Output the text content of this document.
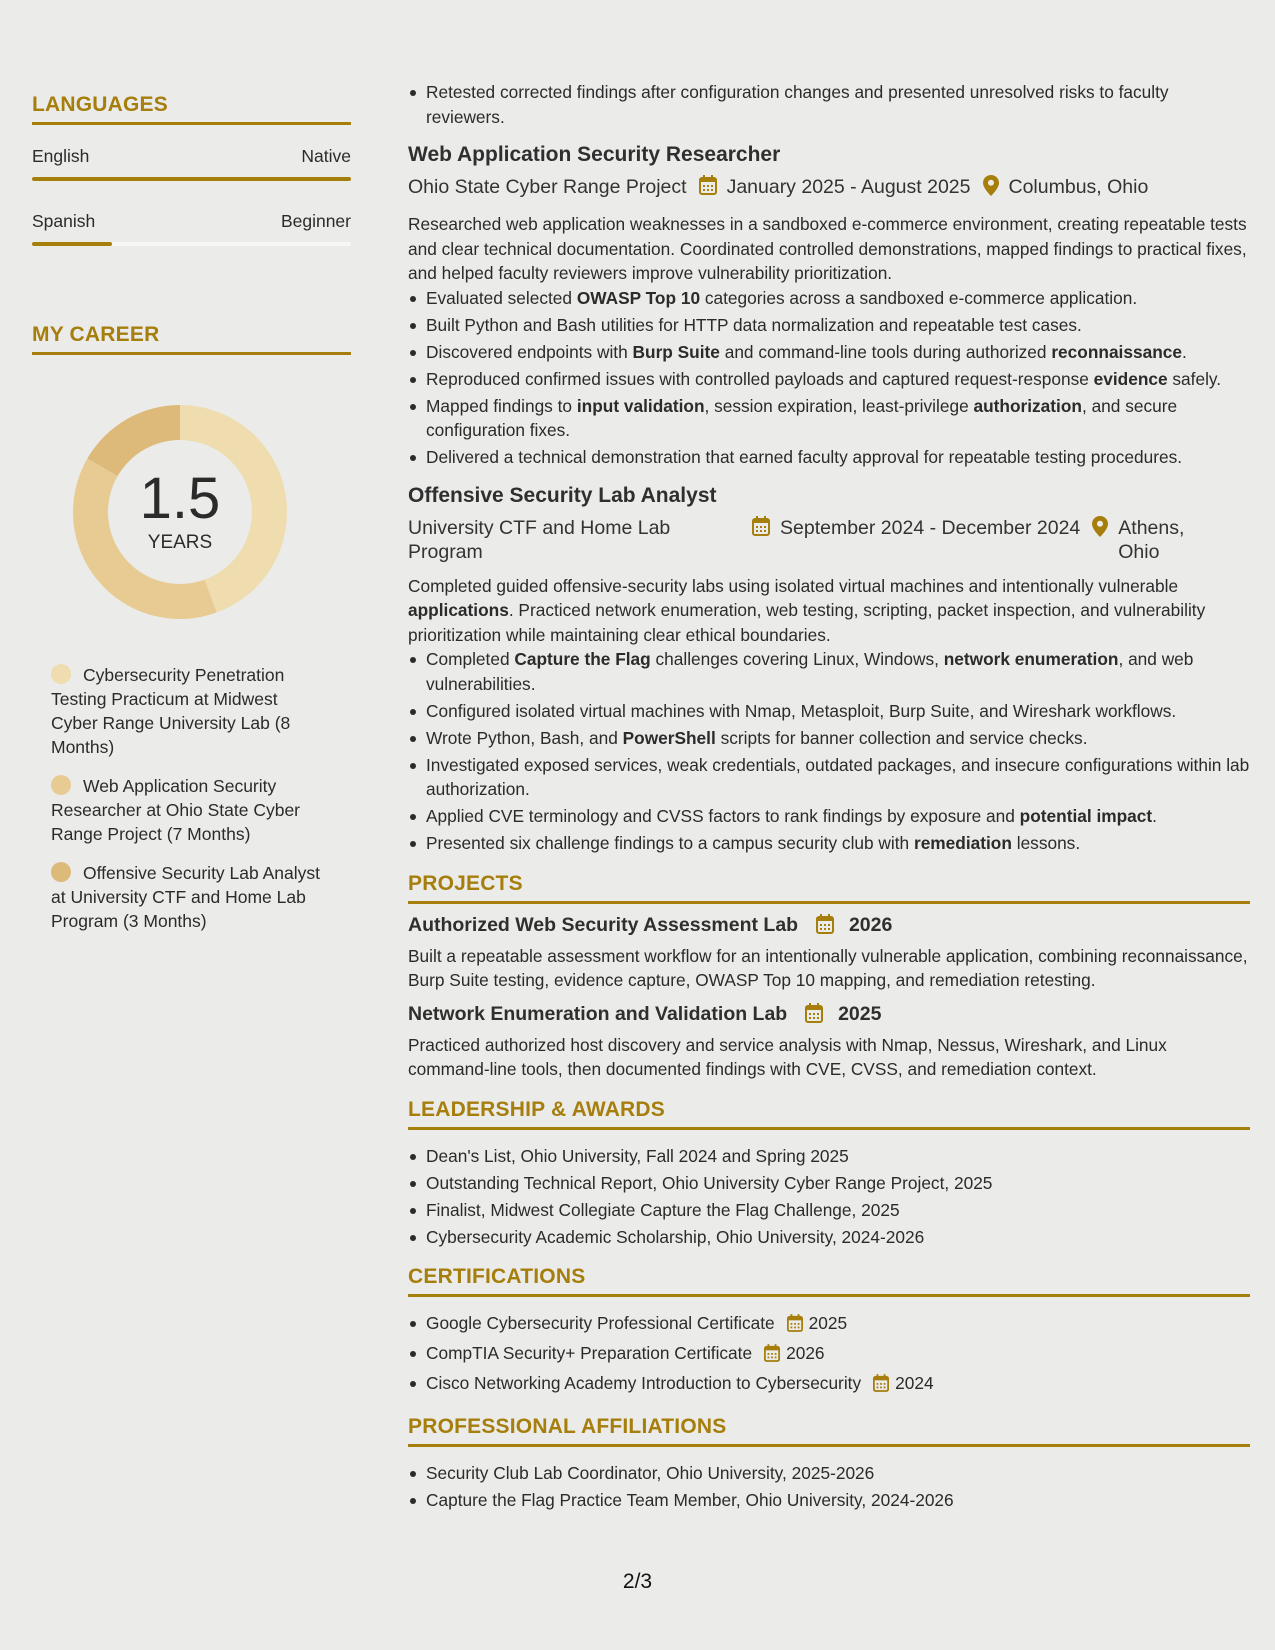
LANGUAGES
English	Native
Spanish	Beginner
MY CAREER
1.5
YEARS
Cybersecurity Penetration Testing Practicum at Midwest Cyber Range University Lab (8 Months)
Web Application Security Researcher at Ohio State Cyber Range Project (7 Months)
Offensive Security Lab Analyst at University CTF and Home Lab Program (3 Months)
Retested corrected findings after configuration changes and presented unresolved risks to faculty reviewers.
Web Application Security Researcher
Ohio State Cyber Range Project January 2025 - August 2025 Columbus, Ohio
Researched web application weaknesses in a sandboxed e-commerce environment, creating repeatable tests and clear technical documentation. Coordinated controlled demonstrations, mapped findings to practical fixes, and helped faculty reviewers improve vulnerability prioritization.
Evaluated selected OWASP Top 10 categories across a sandboxed e-commerce application.
Built Python and Bash utilities for HTTP data normalization and repeatable test cases.
Discovered endpoints with Burp Suite and command-line tools during authorized reconnaissance.
Reproduced confirmed issues with controlled payloads and captured request-response evidence safely.
Mapped findings to input validation, session expiration, least-privilege authorization, and secure configuration fixes.
Delivered a technical demonstration that earned faculty approval for repeatable testing procedures.
Offensive Security Lab Analyst
University CTF and Home Lab Program
September 2024 - December 2024 Athens, Ohio
Completed guided offensive-security labs using isolated virtual machines and intentionally vulnerable applications. Practiced network enumeration, web testing, scripting, packet inspection, and vulnerability prioritization while maintaining clear ethical boundaries.
Completed Capture the Flag challenges covering Linux, Windows, network enumeration, and web vulnerabilities.
Configured isolated virtual machines with Nmap, Metasploit, Burp Suite, and Wireshark workflows.
Wrote Python, Bash, and PowerShell scripts for banner collection and service checks.
Investigated exposed services, weak credentials, outdated packages, and insecure configurations within lab authorization.
Applied CVE terminology and CVSS factors to rank findings by exposure and potential impact.
Presented six challenge findings to a campus security club with remediation lessons.
PROJECTS
Authorized Web Security Assessment Lab	2026
Built a repeatable assessment workflow for an intentionally vulnerable application, combining reconnaissance, Burp Suite testing, evidence capture, OWASP Top 10 mapping, and remediation retesting.
Network Enumeration and Validation Lab	2025
Practiced authorized host discovery and service analysis with Nmap, Nessus, Wireshark, and Linux command-line tools, then documented findings with CVE, CVSS, and remediation context.
LEADERSHIP & AWARDS
Dean's List, Ohio University, Fall 2024 and Spring 2025
Outstanding Technical Report, Ohio University Cyber Range Project, 2025
Finalist, Midwest Collegiate Capture the Flag Challenge, 2025
Cybersecurity Academic Scholarship, Ohio University, 2024-2026
CERTIFICATIONS
Google Cybersecurity Professional Certificate 2025
CompTIA Security+ Preparation Certificate 2026
Cisco Networking Academy Introduction to Cybersecurity 2024
PROFESSIONAL AFFILIATIONS
Security Club Lab Coordinator, Ohio University, 2025-2026
Capture the Flag Practice Team Member, Ohio University, 2024-2026
2/3
